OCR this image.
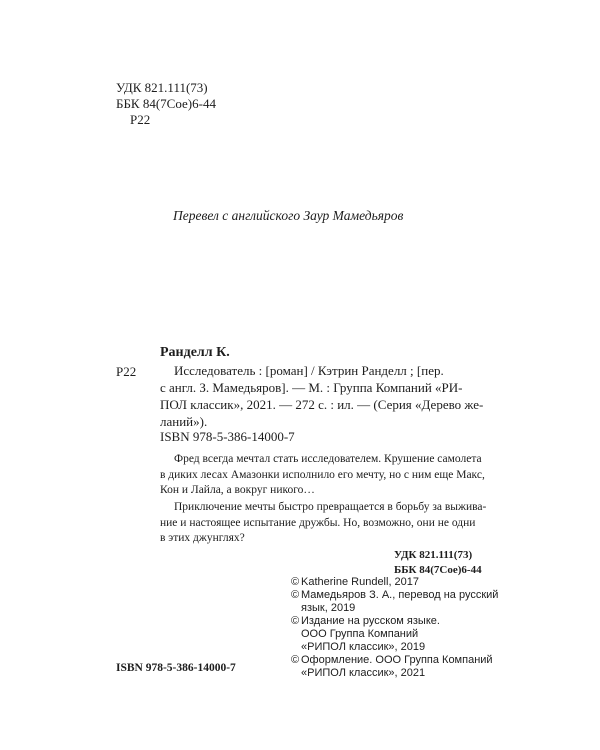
УДК 821.111(73)
ББК 84(7Сое)6-44
Р22
Перевел с английского Заур Мамедьяров
Ранделл К.
Р22	Исследователь : [роман] / Кэтрин Ранделл ; [пер.
с англ. З. Мамедьяров]. — М. : Группа Компаний «РИ-
ПОЛ классик», 2021. — 272 с. : ил. — (Серия «Дерево же-
ланий»).
ISBN 978-5-386-14000-7
Фред всегда мечтал стать исследователем. Крушение самолета
в диких лесах Амазонки исполнило его мечту, но с ним еще Макс,
Кон и Лайла, а вокруг никого…
Приключение мечты быстро превращается в борьбу за выжива-
ние и настоящее испытание дружбы. Но, возможно, они не одни
в этих джунглях?
УДК 821.111(73)
ББК 84(7Сое)6-44
© Katherine Rundell, 2017
© Мамедьяров З. А., перевод на русский
язык, 2019
© Издание на русском языке.
ООО Группа Компаний
«РИПОЛ классик», 2019
© Оформление. ООО Группа Компаний
«РИПОЛ классик», 2021
ISBN 978-5-386-14000-7
